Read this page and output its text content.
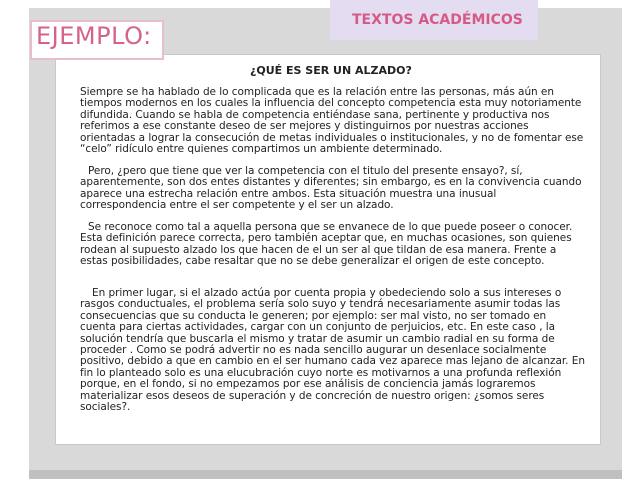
TEXTOS ACADÉMICOS
EJEMPLO:
¿QUÉ ES SER UN ALZADO?

Siempre se ha hablado de lo complicada que es la relación entre las personas, más aún en tiempos modernos en los cuales la influencia del concepto competencia esta muy notoriamente difundida. Cuando se habla de competencia entiéndase sana, pertinente y productiva nos referimos a ese constante deseo de ser mejores y distinguirnos por nuestras acciones orientadas a lograr la consecución de metas individuales o institucionales, y no de fomentar ese “celo” ridículo entre quienes compartimos un ambiente determinado.

Pero, ¿pero que tiene que ver la competencia con el titulo del presente ensayo?, sí, aparentemente, son dos entes distantes y diferentes; sin embargo, es en la convivencia cuando aparece una estrecha relación entre ambos. Esta situación muestra una inusual correspondencia entre el ser competente y el ser un alzado.

Se reconoce como tal a aquella persona que se envanece de lo que puede poseer o conocer. Esta definición parece correcta, pero también aceptar que, en muchas ocasiones, son quienes rodean al supuesto alzado los que hacen de el un ser al que tildan de esa manera. Frente a estas posibilidades, cabe resaltar que no se debe generalizar el origen de este concepto.

En primer lugar, si el alzado actúa por cuenta propia y obedeciendo solo a sus intereses o rasgos conductuales, el problema sería solo suyo y tendrá necesariamente asumir todas las consecuencias que su conducta le generen; por ejemplo: ser mal visto, no ser tomado en cuenta para ciertas actividades, cargar con un conjunto de perjuicios, etc. En este caso , la solución tendría que buscarla el mismo y tratar de asumir un cambio radial en su forma de proceder . Como se podrá advertir no es nada sencillo augurar un desenlace socialmente positivo, debido a que en cambio en el ser humano cada vez aparece mas lejano de alcanzar. En fin lo planteado solo es una elucubración cuyo norte es motivarnos a una profunda reflexión porque, en el fondo, si no empezamos por ese análisis de conciencia jamás lograremos materializar esos deseos de superación y de concreción de nuestro origen: ¿somos seres sociales?.
